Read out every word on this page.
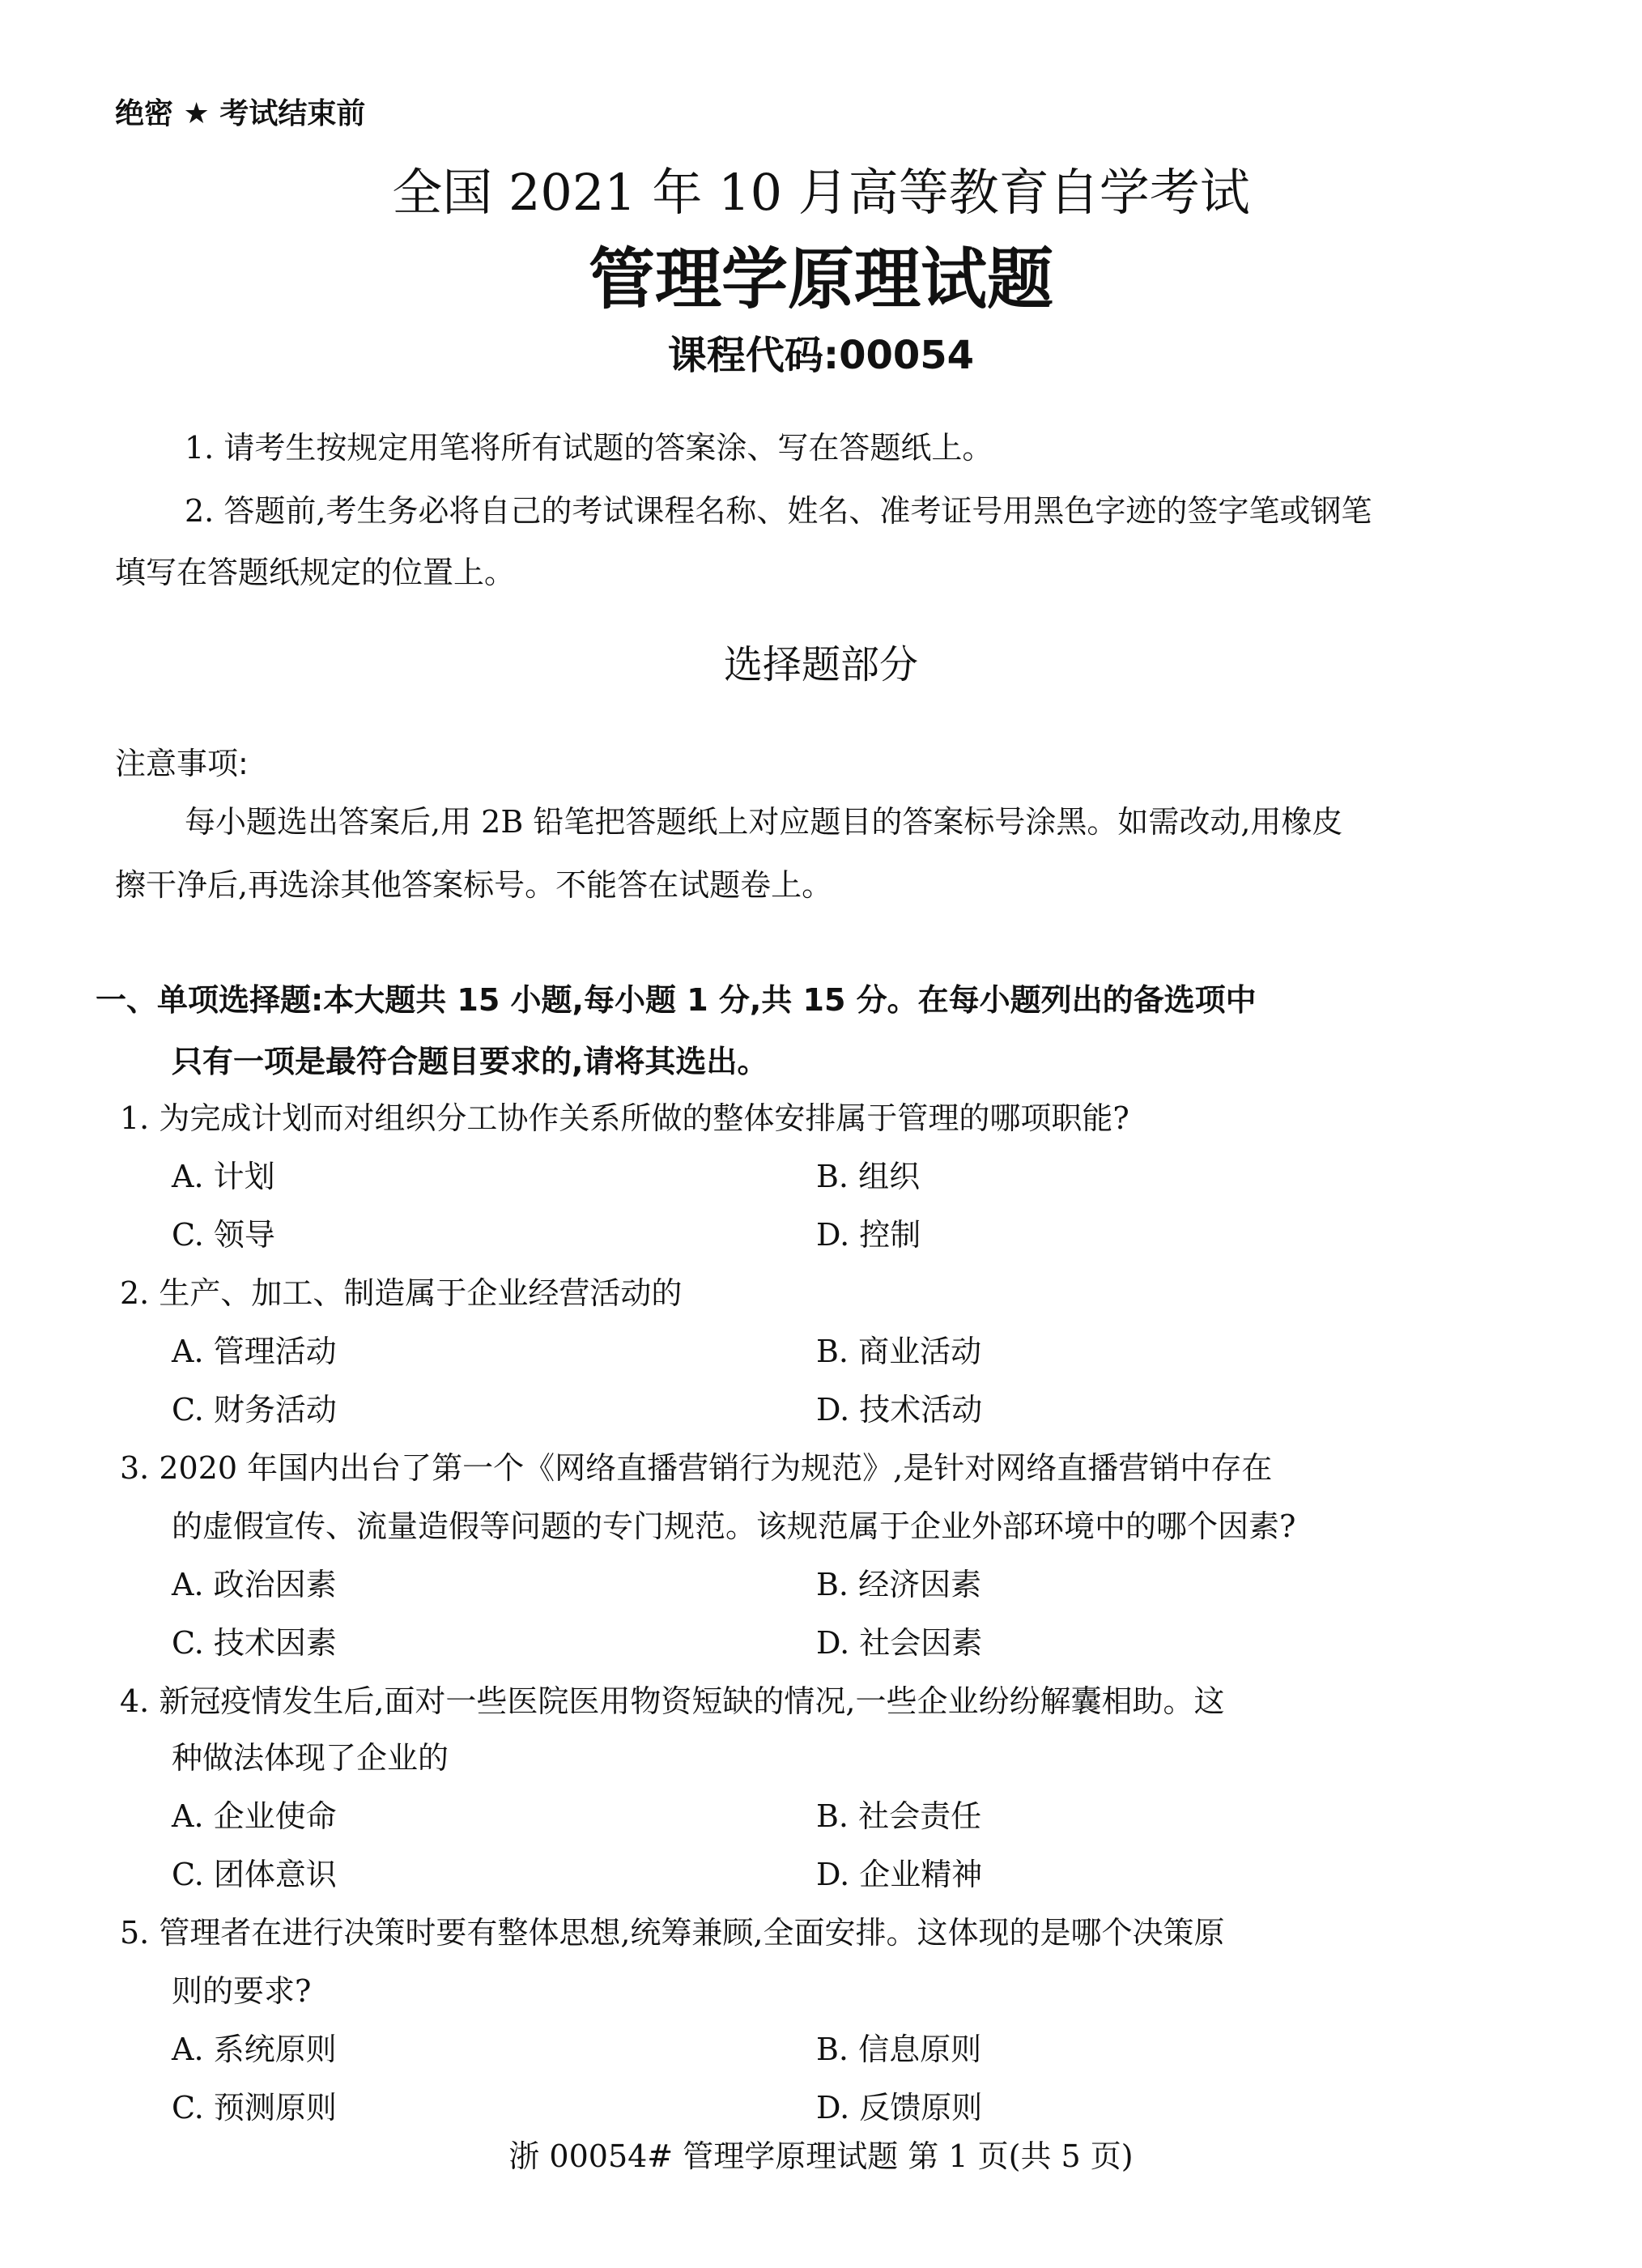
绝密 ★ 考试结束前
全国 2021 年 10 月高等教育自学考试
管理学原理试题
课程代码:00054
1. 请考生按规定用笔将所有试题的答案涂、写在答题纸上。
2. 答题前,考生务必将自己的考试课程名称、姓名、准考证号用黑色字迹的签字笔或钢笔
填写在答题纸规定的位置上。
选择题部分
注意事项:
每小题选出答案后,用 2B 铅笔把答题纸上对应题目的答案标号涂黑。如需改动,用橡皮
擦干净后,再选涂其他答案标号。不能答在试题卷上。
一、单项选择题:本大题共 15 小题,每小题 1 分,共 15 分。在每小题列出的备选项中
只有一项是最符合题目要求的,请将其选出。
1. 为完成计划而对组织分工协作关系所做的整体安排属于管理的哪项职能?
A. 计划	B. 组织
C. 领导	D. 控制
2. 生产、加工、制造属于企业经营活动的
A. 管理活动	B. 商业活动
C. 财务活动	D. 技术活动
3. 2020 年国内出台了第一个《网络直播营销行为规范》,是针对网络直播营销中存在
的虚假宣传、流量造假等问题的专门规范。该规范属于企业外部环境中的哪个因素?
A. 政治因素	B. 经济因素
C. 技术因素	D. 社会因素
4. 新冠疫情发生后,面对一些医院医用物资短缺的情况,一些企业纷纷解囊相助。这
种做法体现了企业的
A. 企业使命	B. 社会责任
C. 团体意识	D. 企业精神
5. 管理者在进行决策时要有整体思想,统筹兼顾,全面安排。这体现的是哪个决策原
则的要求?
A. 系统原则	B. 信息原则
C. 预测原则	D. 反馈原则
浙 00054# 管理学原理试题 第 1 页(共 5 页)
